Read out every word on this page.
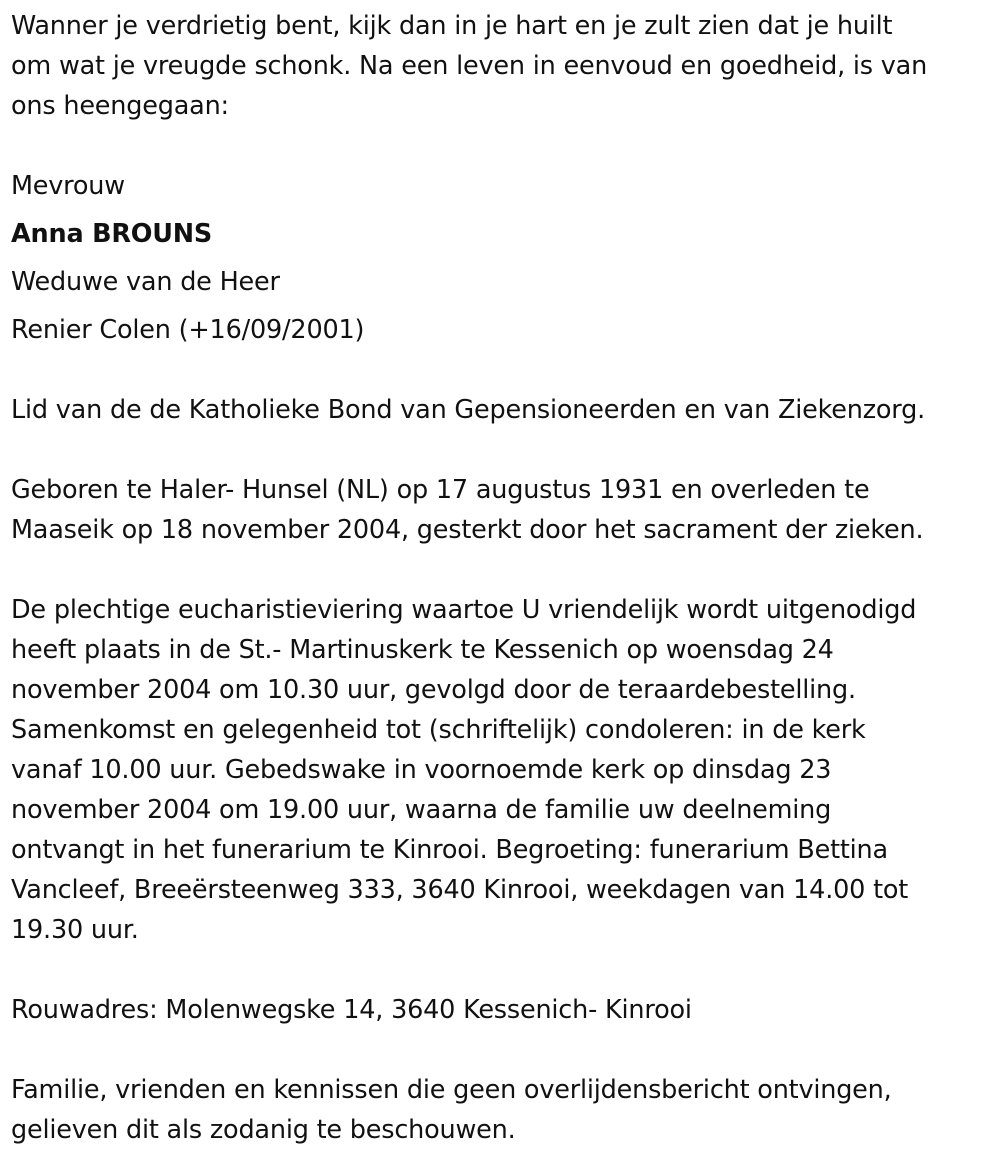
Wanner je verdrietig bent, kijk dan in je hart en je zult zien dat je huilt
om wat je vreugde schonk. Na een leven in eenvoud en goedheid, is van
ons heengegaan:
Mevrouw
Anna BROUNS
Weduwe van de Heer
Renier Colen (+16/09/2001)
Lid van de de Katholieke Bond van Gepensioneerden en van Ziekenzorg.
Geboren te Haler- Hunsel (NL) op 17 augustus 1931 en overleden te
Maaseik op 18 november 2004, gesterkt door het sacrament der zieken.
De plechtige eucharistieviering waartoe U vriendelijk wordt uitgenodigd
heeft plaats in de St.- Martinuskerk te Kessenich op woensdag 24
november 2004 om 10.30 uur, gevolgd door de teraardebestelling.
Samenkomst en gelegenheid tot (schriftelijk) condoleren: in de kerk
vanaf 10.00 uur. Gebedswake in voornoemde kerk op dinsdag 23
november 2004 om 19.00 uur, waarna de familie uw deelneming
ontvangt in het funerarium te Kinrooi. Begroeting: funerarium Bettina
Vancleef, Breeërsteenweg 333, 3640 Kinrooi, weekdagen van 14.00 tot
19.30 uur.
Rouwadres: Molenwegske 14, 3640 Kessenich- Kinrooi
Familie, vrienden en kennissen die geen overlijdensbericht ontvingen,
gelieven dit als zodanig te beschouwen.
